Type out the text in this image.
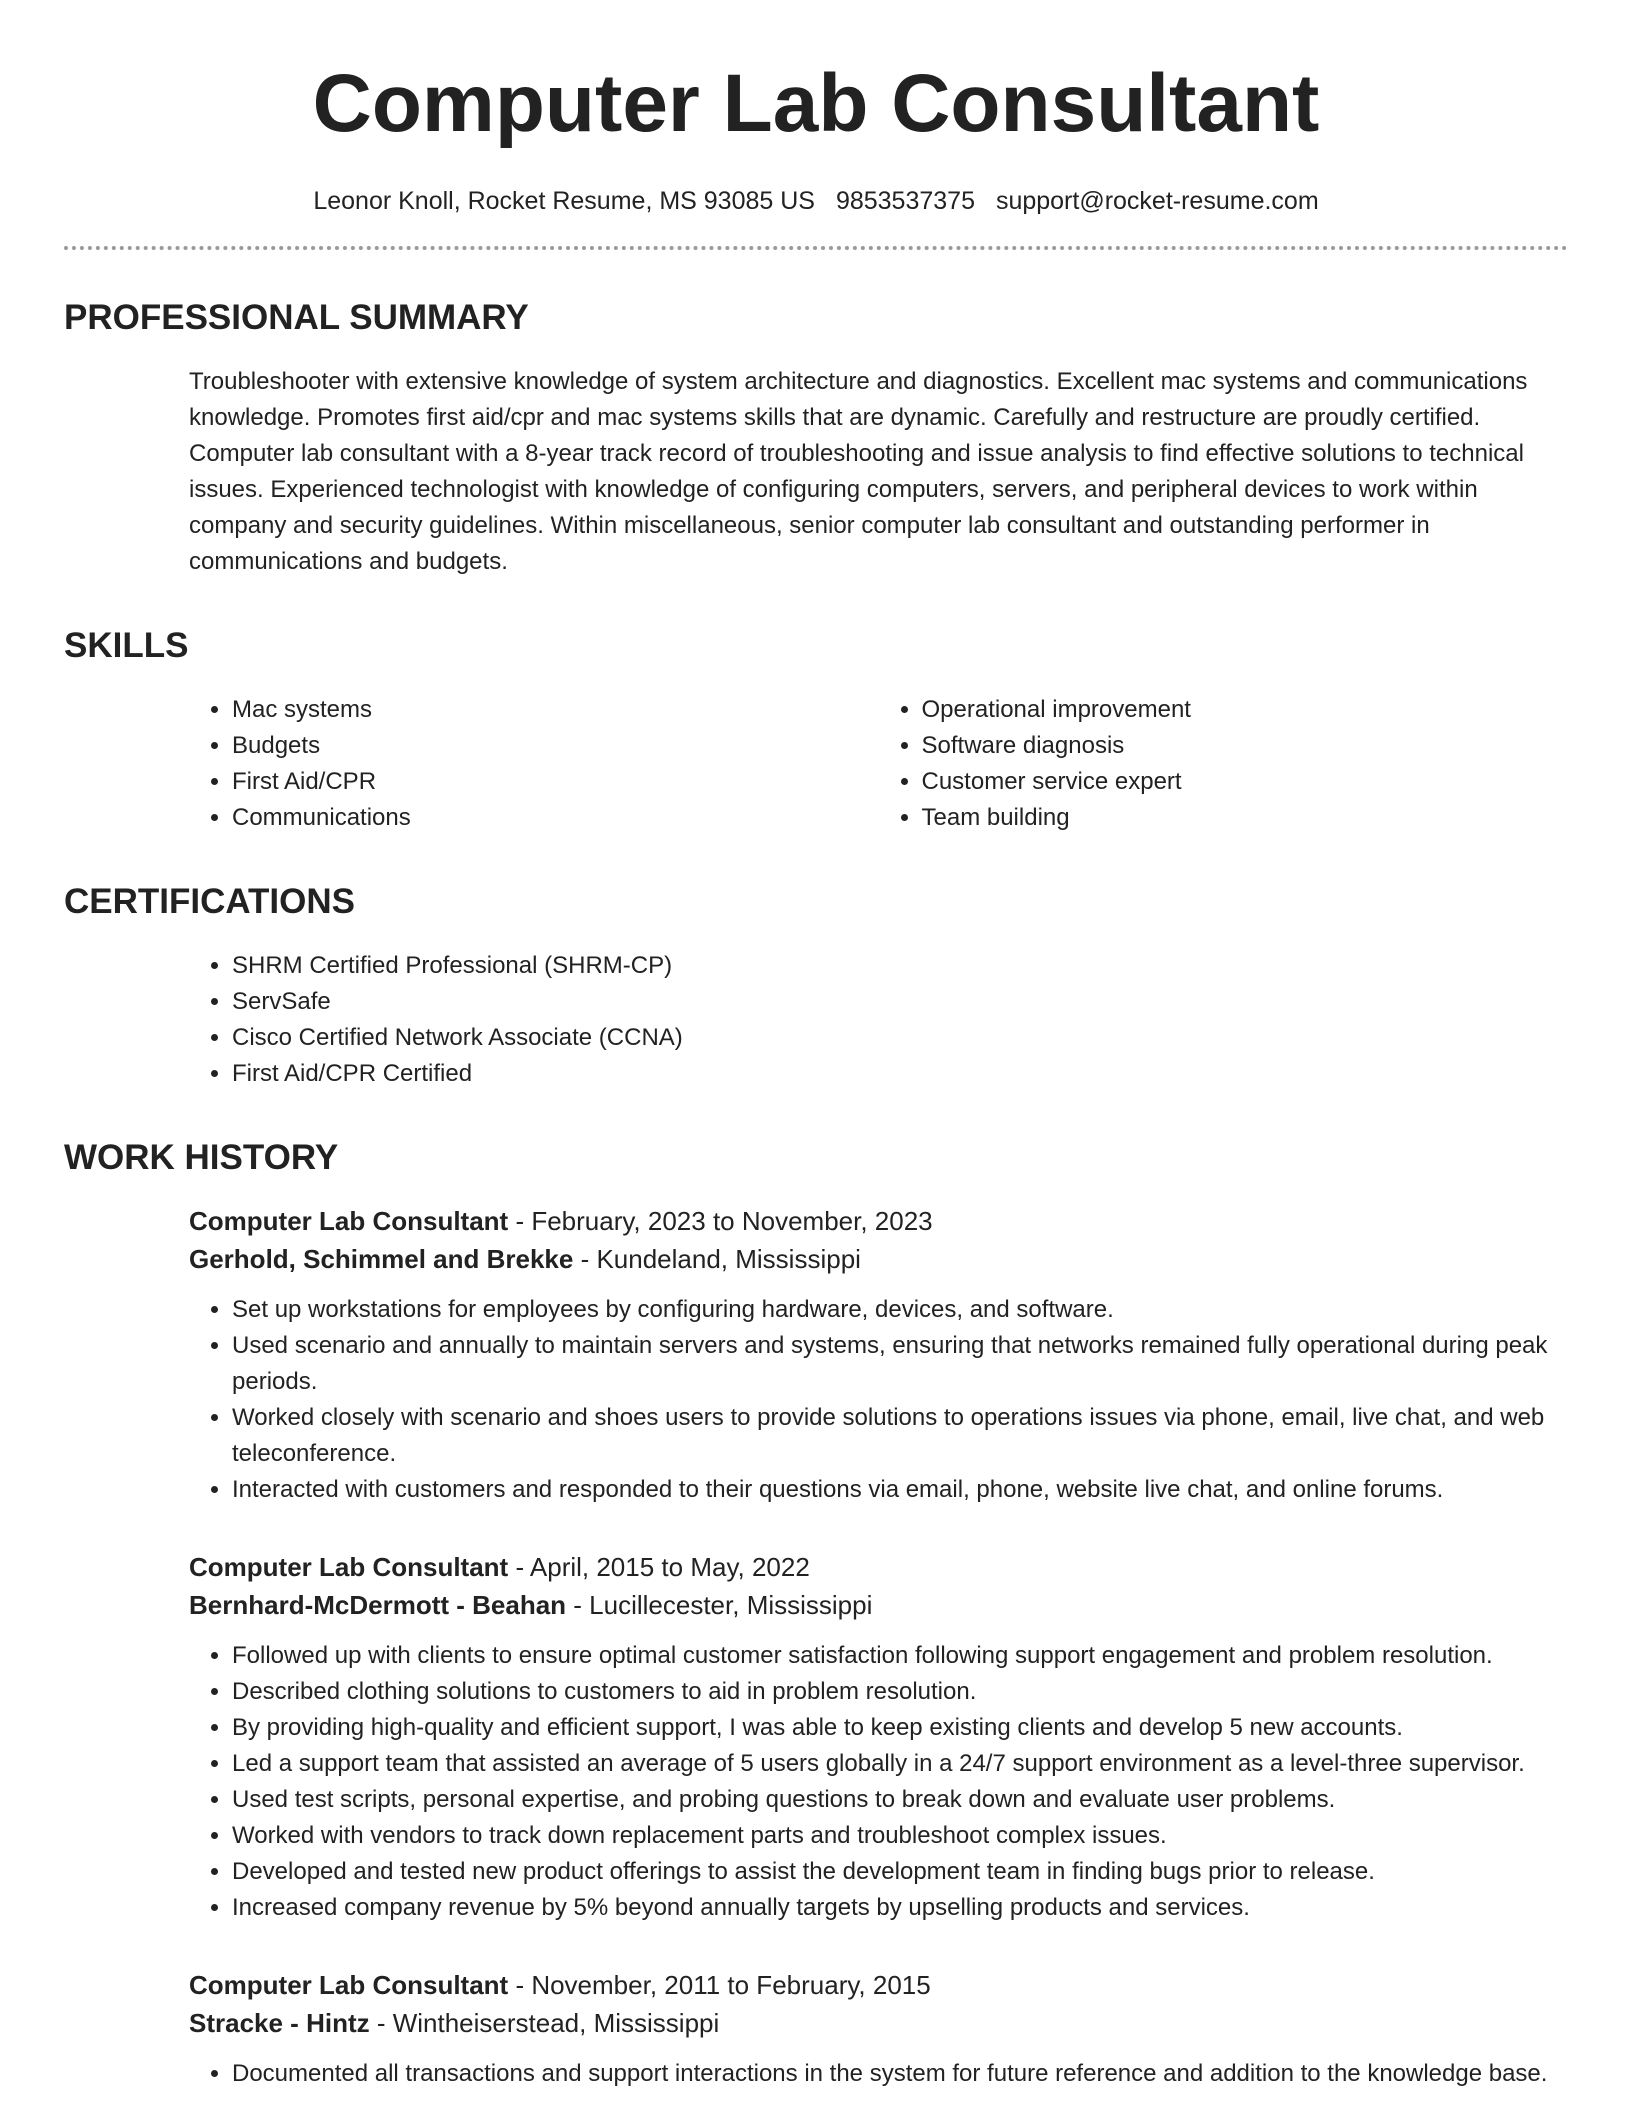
Computer Lab Consultant
Leonor Knoll, Rocket Resume, MS 93085 US 9853537375 support@rocket-resume.com
PROFESSIONAL SUMMARY
Troubleshooter with extensive knowledge of system architecture and diagnostics. Excellent mac systems and communications knowledge. Promotes first aid/cpr and mac systems skills that are dynamic. Carefully and restructure are proudly certified. Computer lab consultant with a 8-year track record of troubleshooting and issue analysis to find effective solutions to technical issues. Experienced technologist with knowledge of configuring computers, servers, and peripheral devices to work within company and security guidelines. Within miscellaneous, senior computer lab consultant and outstanding performer in communications and budgets.
SKILLS
• Mac systems
• Budgets
• First Aid/CPR
• Communications
• Operational improvement
• Software diagnosis
• Customer service expert
• Team building
CERTIFICATIONS
• SHRM Certified Professional (SHRM-CP)
• ServSafe
• Cisco Certified Network Associate (CCNA)
• First Aid/CPR Certified
WORK HISTORY
Computer Lab Consultant - February, 2023 to November, 2023
Gerhold, Schimmel and Brekke - Kundeland, Mississippi
• Set up workstations for employees by configuring hardware, devices, and software.
• Used scenario and annually to maintain servers and systems, ensuring that networks remained fully operational during peak periods.
• Worked closely with scenario and shoes users to provide solutions to operations issues via phone, email, live chat, and web teleconference.
• Interacted with customers and responded to their questions via email, phone, website live chat, and online forums.
Computer Lab Consultant - April, 2015 to May, 2022
Bernhard-McDermott - Beahan - Lucillecester, Mississippi
• Followed up with clients to ensure optimal customer satisfaction following support engagement and problem resolution.
• Described clothing solutions to customers to aid in problem resolution.
• By providing high-quality and efficient support, I was able to keep existing clients and develop 5 new accounts.
• Led a support team that assisted an average of 5 users globally in a 24/7 support environment as a level-three supervisor.
• Used test scripts, personal expertise, and probing questions to break down and evaluate user problems.
• Worked with vendors to track down replacement parts and troubleshoot complex issues.
• Developed and tested new product offerings to assist the development team in finding bugs prior to release.
• Increased company revenue by 5% beyond annually targets by upselling products and services.
Computer Lab Consultant - November, 2011 to February, 2015
Stracke - Hintz - Wintheiserstead, Mississippi
• Documented all transactions and support interactions in the system for future reference and addition to the knowledge base.
